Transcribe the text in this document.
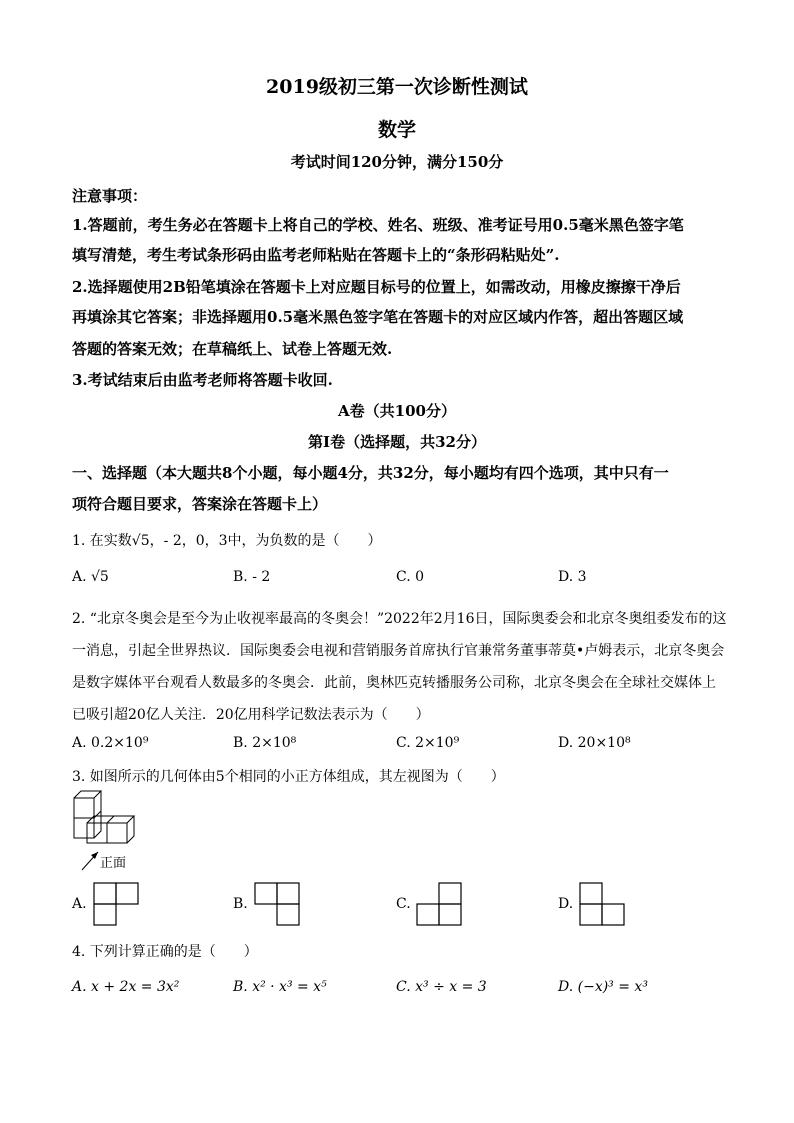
2019级初三第一次诊断性测试
数学
考试时间120分钟，满分150分
注意事项：
1.答题前，考生务必在答题卡上将自己的学校、姓名、班级、准考证号用0.5毫米黑色签字笔
填写清楚，考生考试条形码由监考老师粘贴在答题卡上的“条形码粘贴处”.
2.选择题使用2B铅笔填涂在答题卡上对应题目标号的位置上，如需改动，用橡皮擦擦干净后
再填涂其它答案；非选择题用0.5毫米黑色签字笔在答题卡的对应区域内作答，超出答题区域
答题的答案无效；在草稿纸上、试卷上答题无效.
3.考试结束后由监考老师将答题卡收回.
A卷（共100分）
第I卷（选择题，共32分）
一、选择题（本大题共8个小题，每小题4分，共32分，每小题均有四个选项，其中只有一
项符合题目要求，答案涂在答题卡上）
1. 在实数√5，- 2，0，3中，为负数的是（　　）
A. √5	B. - 2	C. 0	D. 3
2. “北京冬奥会是至今为止收视率最高的冬奥会！”2022年2月16日，国际奥委会和北京冬奥组委发布的这
一消息，引起全世界热议．国际奥委会电视和营销服务首席执行官兼常务董事蒂莫•卢姆表示，北京冬奥会
是数字媒体平台观看人数最多的冬奥会．此前，奥林匹克转播服务公司称，北京冬奥会在全球社交媒体上
已吸引超20亿人关注．20亿用科学记数法表示为（　　）
A. 0.2×10⁹	B. 2×10⁸	C. 2×10⁹	D. 20×10⁸
3. 如图所示的几何体由5个相同的小正方体组成，其左视图为（　　）
正面
A.	B.	C.	D.
4. 下列计算正确的是（　　）
A. x + 2x = 3x²	B. x² · x³ = x⁵	C. x³ ÷ x = 3	D. (−x)³ = x³
